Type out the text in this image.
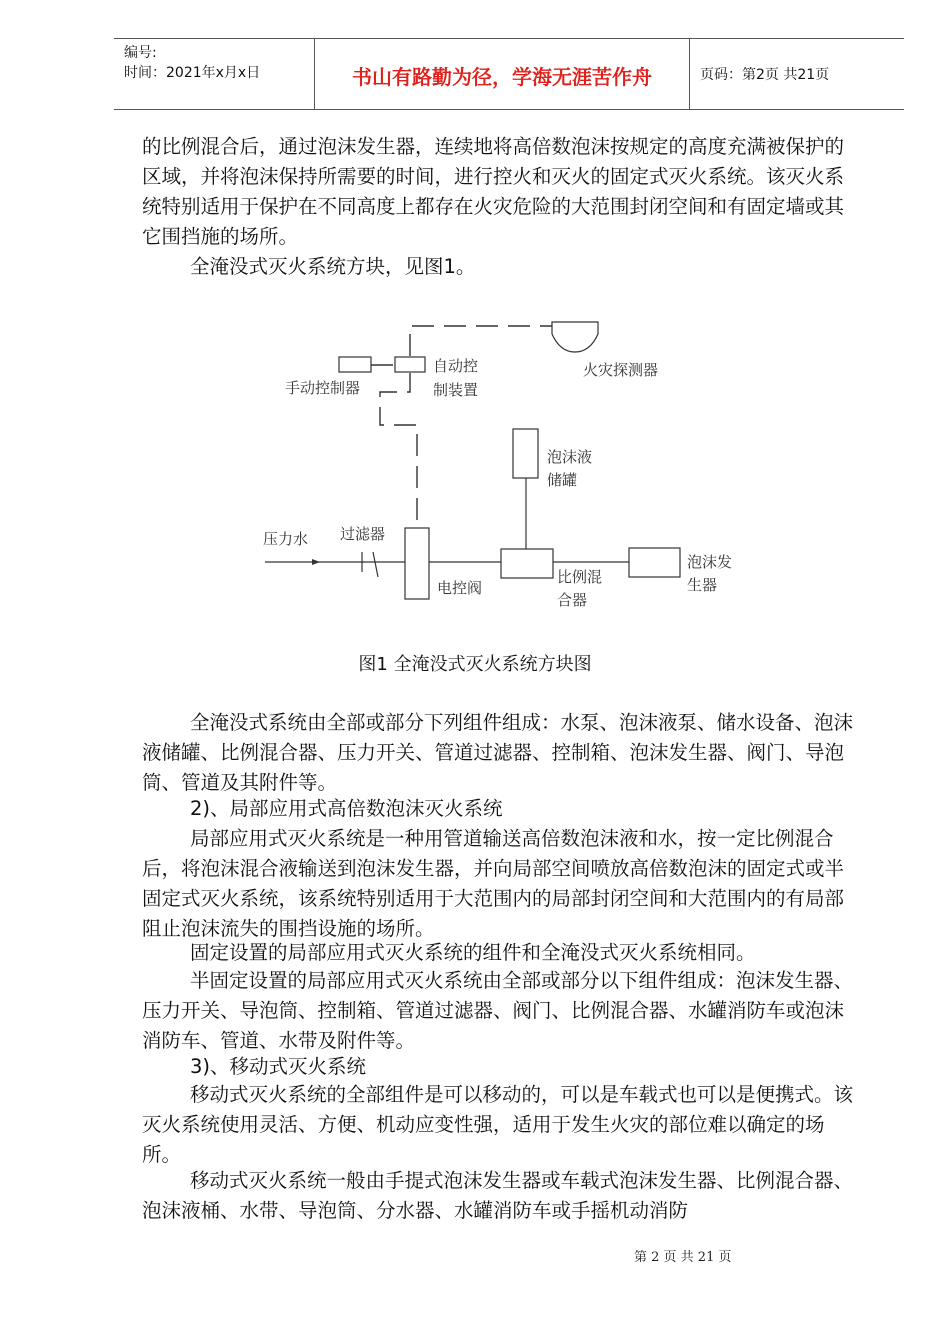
编号:
时间：2021年x月x日	书山有路勤为径，学海无涯苦作舟	页码：第2页 共21页

的比例混合后，通过泡沫发生器，连续地将高倍数泡沫按规定的高度充满被保护的区域，并将泡沫保持所需要的时间，进行控火和灭火的固定式灭火系统。该灭火系统特别适用于保护在不同高度上都存在火灾危险的大范围封闭空间和有固定墙或其它围挡施的场所。

全淹没式灭火系统方块，见图1。

手动控制器
自动控
制装置
火灾探测器
泡沫液
储罐
压力水 过滤器
电控阀
比例混
合器
泡沫发
生器
图1 全淹没式灭火系统方块图

全淹没式系统由全部或部分下列组件组成：水泵、泡沫液泵、储水设备、泡沫液储罐、比例混合器、压力开关、管道过滤器、控制箱、泡沫发生器、阀门、导泡筒、管道及其附件等。

2)、局部应用式高倍数泡沫灭火系统

局部应用式灭火系统是一种用管道输送高倍数泡沫液和水，按一定比例混合后，将泡沫混合液输送到泡沫发生器，并向局部空间喷放高倍数泡沫的固定式或半固定式灭火系统，该系统特别适用于大范围内的局部封闭空间和大范围内的有局部阻止泡沫流失的围挡设施的场所。

固定设置的局部应用式灭火系统的组件和全淹没式灭火系统相同。

半固定设置的局部应用式灭火系统由全部或部分以下组件组成：泡沫发生器、压力开关、导泡筒、控制箱、管道过滤器、阀门、比例混合器、水罐消防车或泡沫消防车、管道、水带及附件等。

3)、移动式灭火系统

移动式灭火系统的全部组件是可以移动的，可以是车载式也可以是便携式。该灭火系统使用灵活、方便、机动应变性强，适用于发生火灾的部位难以确定的场所。

移动式灭火系统一般由手提式泡沫发生器或车载式泡沫发生器、比例混合器、泡沫液桶、水带、导泡筒、分水器、水罐消防车或手摇机动消防

第 2 页 共 21 页
